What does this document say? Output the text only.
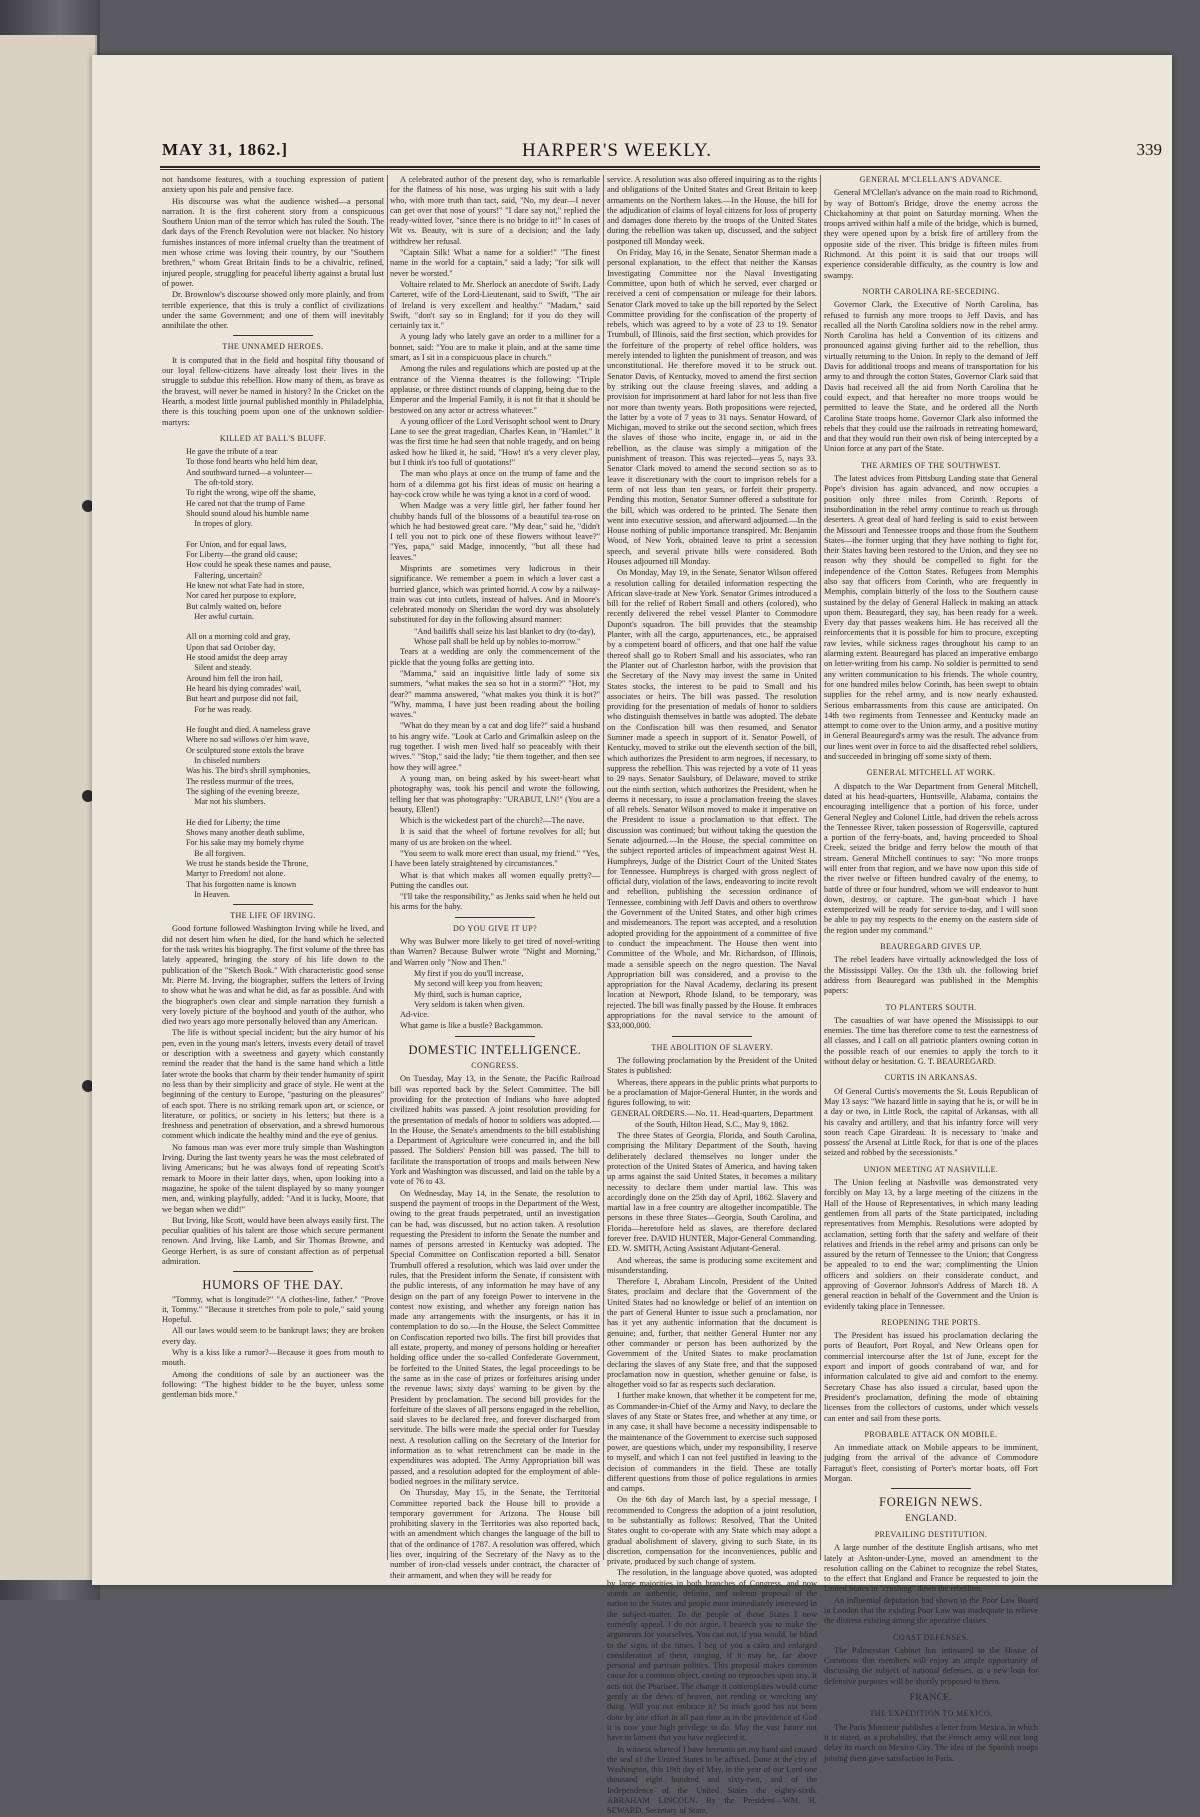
MAY 31, 1862.]	HARPER'S WEEKLY.	339

not handsome features, with a touching expression of patient anxiety upon his pale and pensive face.

His discourse was what the audience wished—a personal narration. It is the first coherent story from a conspicuous Southern Union man of the terror which has ruled the South. The dark days of the French Revolution were not blacker. No history furnishes instances of more infernal cruelty than the treatment of men whose crime was loving their country, by our "Southern brethren," whom Great Britain finds to be a chivalric, refined, injured people, struggling for peaceful liberty against a brutal lust of power.

Dr. Brownlow's discourse showed only more plainly, and from terrible experience, that this is truly a conflict of civilizations under the same Government; and one of them will inevitably annihilate the other.

THE UNNAMED HEROES.

It is computed that in the field and hospital fifty thousand of our loyal fellow-citizens have already lost their lives in the struggle to subdue this rebellion. How many of them, as brave as the bravest, will never be named in history? In the Cricket on the Hearth, a modest little journal published monthly in Philadelphia, there is this touching poem upon one of the unknown soldier-martyrs:

KILLED AT BALL'S BLUFF.
He gave the tribute of a tear
To those fond hearts who held him dear,
And southward turned—a volunteer—
The oft-told story.
To right the wrong, wipe off the shame,
He cared not that the trump of Fame
Should sound aloud his humble name
In tropes of glory.

For Union, and for equal laws,
For Liberty—the grand old cause;
How could he speak these names and pause,
Faltering, uncertain?
He knew not what Fate had in store,
Nor cared her purpose to explore,
But calmly waited on, before
Her awful curtain.

All on a morning cold and gray,
Upon that sad October day,
He stood amidst the deep array
Silent and steady.
Around him fell the iron hail,
He heard his dying comrades' wail,
But heart and purpose did not fail,
For he was ready.

He fought and died. A nameless grave
Where no sad willows o'er him wave,
Or sculptured stone extols the brave
In chiseled numbers
Was his. The bird's shrill symphonies,
The restless murmur of the trees,
The sighing of the evening breeze,
Mar not his slumbers.

He died for Liberty; the time
Shows many another death sublime,
For his sake may my homely rhyme
Be all forgiven.
We trust he stands beside the Throne,
Martyr to Freedom! not alone.
That his forgotten name is known
In Heaven.
THE LIFE OF IRVING.

Good fortune followed Washington Irving while he lived, and did not desert him when he died, for the hand which he selected for the task writes his biography. The first volume of the three has lately appeared, bringing the story of his life down to the publication of the "Sketch Book." With characteristic good sense Mr. Pierre M. Irving, the biographer, suffers the letters of Irving to show what he was and what he did, as far as possible. And with the biographer's own clear and simple narration they furnish a very lovely picture of the boyhood and youth of the author, who died two years ago more personally beloved than any American.

The life is without special incident; but the airy humor of his pen, even in the young man's letters, invests every detail of travel or description with a sweetness and gayety which constantly remind the reader that the hand is the same hand which a little later wrote the books that charm by their tender humanity of spirit no less than by their simplicity and grace of style. He went at the beginning of the century to Europe, "pasturing on the pleasures" of each spot. There is no striking remark upon art, or science, or literature, or politics, or society in his letters; but there is a freshness and penetration of observation, and a shrewd humorous comment which indicate the healthy mind and the eye of genius.

No famous man was ever more truly simple than Washington Irving. During the last twenty years he was the most celebrated of living Americans; but he was always fond of repeating Scott's remark to Moore in their latter days, when, upon looking into a magazine, he spoke of the talent displayed by so many younger men, and, winking playfully, added: "And it is lucky, Moore, that we began when we did!"

But Irving, like Scott, would have been always easily first. The peculiar qualities of his talent are those which secure permanent renown. And Irving, like Lamb, and Sir Thomas Browne, and George Herbert, is as sure of constant affection as of perpetual admiration.

HUMORS OF THE DAY.

"Tommy, what is longitude?" "A clothes-line, father." "Prove it, Tommy." "Because it stretches from pole to pole," said young Hopeful.

All our laws would seem to be bankrupt laws; they are broken every day.

Why is a kiss like a rumor?—Because it goes from mouth to mouth.

Among the conditions of sale by an auctioneer was the following: "The highest bidder to be the buyer, unless some gentleman bids more."

A celebrated author of the present day, who is remarkable for the flatness of his nose, was urging his suit with a lady who, with more truth than tact, said, "No, my dear—I never can get over that nose of yours!" "I dare say not," replied the ready-witted lover, "since there is no bridge to it!" In cases of Wit vs. Beauty, wit is sure of a decision; and the lady withdrew her refusal.

"Captain Silk! What a name for a soldier!" "The finest name in the world for a captain," said a lady; "for silk will never be worsted."

Voltaire related to Mr. Sherlock an anecdote of Swift. Lady Carteret, wife of the Lord-Lieutenant, said to Swift, "The air of Ireland is very excellent and healthy." "Madam," said Swift, "don't say so in England; for if you do they will certainly tax it."

A young lady who lately gave an order to a milliner for a bonnet, said: "You are to make it plain, and at the same time smart, as I sit in a conspicuous place in church."

Among the rules and regulations which are posted up at the entrance of the Vienna theatres is the following: "Triple applause, or three distinct rounds of clapping, being due to the Emperor and the Imperial Family, it is not fit that it should be bestowed on any actor or actress whatever."

A young officer of the Lord Verisopht school went to Drury Lane to see the great tragedian, Charles Kean, in "Hamlet." It was the first time he had seen that noble tragedy, and on being asked how he liked it, he said, "How! it's a very clever play, but I think it's too full of quotations!"

The man who plays at once on the trump of fame and the horn of a dilemma got his first ideas of music on hearing a hay-cock crow while he was tying a knot in a cord of wood.

When Madge was a very little girl, her father found her chubby hands full of the blossoms of a beautiful tea-rose on which he had bestowed great care. "My dear," said he, "didn't I tell you not to pick one of these flowers without leave?" "Yes, papa," said Madge, innocently, "but all these had leaves."

Misprints are sometimes very ludicrous in their significance. We remember a poem in which a lover cast a hurried glance, which was printed horrid. A cow by a railway-train was cut into cutlets, instead of halves. And in Moore's celebrated monody on Sheridan the word dry was absolutely substituted for day in the following absurd manner:

"And bailiffs shall seize his last blanket to dry (to-day),
Whose pall shall be held up by nobles to-morrow."

Tears at a wedding are only the commencement of the pickle that the young folks are getting into.

"Mamma," said an inquisitive little lady of some six summers, "what makes the sea so hot in a storm?" "Hot, my dear?" mamma answered, "what makes you think it is hot?" "Why, mamma, I have just been reading about the boiling waves."

"What do they mean by a cat and dog life?" said a husband to his angry wife. "Look at Carlo and Grimalkin asleep on the rug together. I wish men lived half so peaceably with their wives." "Stop," said the lady; "tie them together, and then see how they will agree."

A young man, on being asked by his sweet-heart what photography was, took his pencil and wrote the following, telling her that was photography: "URABUT, LN!" (You are a beauty, Ellen!)

Which is the wickedest part of the church?—The nave.

It is said that the wheel of fortune revolves for all; but many of us are broken on the wheel.

"You seem to walk more erect than usual, my friend." "Yes, I have been lately straightened by circumstances."

What is that which makes all women equally pretty?—Putting the candles out.

"I'll take the responsibility," as Jenks said when he held out his arms for the baby.

DO YOU GIVE IT UP?

Why was Bulwer more likely to get tired of novel-writing than Warren? Because Bulwer wrote "Night and Morning," and Warren only "Now and Then."

My first if you do you'll increase,
My second will keep you from heaven;
My third, such is human caprice,
Very seldom is taken when given.

Ad-vice.

What game is like a bustle? Backgammon.

DOMESTIC INTELLIGENCE.
CONGRESS.

On Tuesday, May 13, in the Senate, the Pacific Railroad bill was reported back by the Select Committee. The bill providing for the protection of Indians who have adopted civilized habits was passed. A joint resolution providing for the presentation of medals of honor to soldiers was adopted.—In the House, the Senate's amendments to the bill establishing a Department of Agriculture were concurred in, and the bill passed. The Soldiers' Pension bill was passed. The bill to facilitate the transportation of troops and mails between New York and Washington was discussed, and laid on the table by a vote of 76 to 43.

On Wednesday, May 14, in the Senate, the resolution to suspend the payment of troops in the Department of the West, owing to the great frauds perpetrated, until an investigation can be had, was discussed, but no action taken. A resolution requesting the President to inform the Senate the number and names of persons arrested in Kentucky was adopted. The Special Committee on Confiscation reported a bill. Senator Trumbull offered a resolution, which was laid over under the rules, that the President inform the Senate, if consistent with the public interests, of any information he may have of any design on the part of any foreign Power to intervene in the contest now existing, and whether any foreign nation has made any arrangements with the insurgents, or has it in contemplation to do so.—In the House, the Select Committee on Confiscation reported two bills. The first bill provides that all estate, property, and money of persons holding or hereafter holding office under the so-called Confederate Government, be forfeited to the United States, the legal proceedings to be the same as in the case of prizes or forfeitures arising under the revenue laws; sixty days' warning to be given by the President by proclamation. The second bill provides for the forfeiture of the slaves of all persons engaged in the rebellion, said slaves to be declared free, and forever discharged from servitude. The bills were made the special order for Tuesday next. A resolution calling on the Secretary of the Interior for information as to what retrenchment can be made in the expenditures was adopted. The Army Appropriation bill was passed, and a resolution adopted for the employment of able-bodied negroes in the military service.

On Thursday, May 15, in the Senate, the Territorial Committee reported back the House bill to provide a temporary government for Arizona. The House bill prohibiting slavery in the Territories was also reported back, with an amendment which changes the language of the bill to that of the ordinance of 1787. A resolution was offered, which lies over, inquiring of the Secretary of the Navy as to the number of iron-clad vessels under contract, the character of their armament, and when they will be ready for

service. A resolution was also offered inquiring as to the rights and obligations of the United States and Great Britain to keep armaments on the Northern lakes.—In the House, the bill for the adjudication of claims of loyal citizens for loss of property and damages done thereto by the troops of the United States during the rebellion was taken up, discussed, and the subject postponed till Monday week.

On Friday, May 16, in the Senate, Senator Sherman made a personal explanation, to the effect that neither the Kansas Investigating Committee nor the Naval Investigating Committee, upon both of which he served, ever charged or received a cent of compensation or mileage for their labors. Senator Clark moved to take up the bill reported by the Select Committee providing for the confiscation of the property of rebels, which was agreed to by a vote of 23 to 19. Senator Trumbull, of Illinois, said the first section, which provides for the forfeiture of the property of rebel office holders, was merely intended to lighten the punishment of treason, and was unconstitutional. He therefore moved it to be struck out. Senator Davis, of Kentucky, moved to amend the first section by striking out the clause freeing slaves, and adding a provision for imprisonment at hard labor for not less than five nor more than twenty years. Both propositions were rejected, the latter by a vote of 7 yeas to 31 nays. Senator Howard, of Michigan, moved to strike out the second section, which frees the slaves of those who incite, engage in, or aid in the rebellion, as the clause was simply a mitigation of the punishment of treason. This was rejected—yeas 5, nays 33. Senator Clark moved to amend the second section so as to leave it discretionary with the court to imprison rebels for a term of not less than ten years, or forfeit their property. Pending this motion, Senator Sumner offered a substitute for the bill, which was ordered to be printed. The Senate then went into executive session, and afterward adjourned.—In the House nothing of public importance transpired. Mr. Benjamin Wood, of New York, obtained leave to print a secession speech, and several private bills were considered. Both Houses adjourned till Monday.

On Monday, May 19, in the Senate, Senator Wilson offered a resolution calling for detailed information respecting the African slave-trade at New York. Senator Grimes introduced a bill for the relief of Robert Small and others (colored), who recently delivered the rebel vessel Planter to Commodore Dupont's squadron. The bill provides that the steamship Planter, with all the cargo, appurtenances, etc., be appraised by a competent board of officers, and that one half the value thereof shall go to Robert Small and his associates, who ran the Planter out of Charleston harbor, with the provision that the Secretary of the Navy may invest the same in United States stocks, the interest to be paid to Small and his associates or heirs. The bill was passed. The resolution providing for the presentation of medals of honor to soldiers who distinguish themselves in battle was adopted. The debate on the Confiscation bill was then resumed, and Senator Sumner made a speech in support of it. Senator Powell, of Kentucky, moved to strike out the eleventh section of the bill, which authorizes the President to arm negroes, if necessary, to suppress the rebellion. This was rejected by a vote of 11 yeas to 29 nays. Senator Saulsbury, of Delaware, moved to strike out the ninth section, which authorizes the President, when he deems it necessary, to issue a proclamation freeing the slaves of all rebels. Senator Wilson moved to make it imperative on the President to issue a proclamation to that effect. The discussion was continued; but without taking the question the Senate adjourned.—In the House, the special committee on the subject reported articles of impeachment against West H. Humphreys, Judge of the District Court of the United States for Tennessee. Humphreys is charged with gross neglect of official duty, violation of the laws, endeavoring to incite revolt and rebellion, publishing the secession ordinance of Tennessee, combining with Jeff Davis and others to overthrow the Government of the United States, and other high crimes and misdemeanors. The report was accepted, and a resolution adopted providing for the appointment of a committee of five to conduct the impeachment. The House then went into Committee of the Whole, and Mr. Richardson, of Illinois, made a sensible speech on the negro question. The Naval Appropriation bill was considered, and a proviso to the appropriation for the Naval Academy, declaring its present location at Newport, Rhode Island, to be temporary, was rejected. The bill was finally passed by the House. It embraces appropriations for the naval service to the amount of $33,000,000.

THE ABOLITION OF SLAVERY.

The following proclamation by the President of the United States is published:

Whereas, there appears in the public prints what purports to be a proclamation of Major-General Hunter, in the words and figures following, to wit:

GENERAL ORDERS.—No. 11. Head-quarters, Department of the South, Hilton Head, S.C., May 9, 1862.

The three States of Georgia, Florida, and South Carolina, comprising the Military Department of the South, having deliberately declared themselves no longer under the protection of the United States of America, and having taken up arms against the said United States, it becomes a military necessity to declare them under martial law. This was accordingly done on the 25th day of April, 1862. Slavery and martial law in a free country are altogether incompatible. The persons in these three States—Georgia, South Carolina, and Florida—heretofore held as slaves, are therefore declared forever free. DAVID HUNTER, Major-General Commanding. ED. W. SMITH, Acting Assistant Adjutant-General.

And whereas, the same is producing some excitement and misunderstanding.

Therefore I, Abraham Lincoln, President of the United States, proclaim and declare that the Government of the United States had no knowledge or belief of an intention on the part of General Hunter to issue such a proclamation, nor has it yet any authentic information that the document is genuine; and, further, that neither General Hunter nor any other commander or person has been authorized by the Government of the United States to make proclamation declaring the slaves of any State free, and that the supposed proclamation now in question, whether genuine or false, is altogether void so far as respects such declaration.

I further make known, that whether it be competent for me, as Commander-in-Chief of the Army and Navy, to declare the slaves of any State or States free, and whether at any time, or in any case, it shall have become a necessity indispensable to the maintenance of the Government to exercise such supposed power, are questions which, under my responsibility, I reserve to myself, and which I can not feel justified in leaving to the decision of commanders in the field. These are totally different questions from those of police regulations in armies and camps.

On the 6th day of March last, by a special message, I recommended to Congress the adoption of a joint resolution, to be substantially as follows: Resolved, That the United States ought to co-operate with any State which may adopt a gradual abolishment of slavery, giving to such State, in its discretion, compensation for the inconveniences, public and private, produced by such change of system.

The resolution, in the language above quoted, was adopted by large majorities in both branches of Congress, and now stands an authentic, definite, and solemn proposal of the nation to the States and people most immediately interested in the subject-matter. To the people of those States I now earnestly appeal. I do not argue. I beseech you to make the arguments for yourselves. You can not, if you would, be blind to the signs of the times. I beg of you a calm and enlarged consideration of them, ranging, if it may be, far above personal and partisan politics. This proposal makes common cause for a common object, casting no reproaches upon any. It acts not the Pharisee. The change it contemplates would come gently as the dews of heaven, not rending or wrecking any thing. Will you not embrace it? So much good has not been done by one effort in all past time as in the providence of God it is now your high privilege to do. May the vast future not have to lament that you have neglected it.

In witness whereof I have hereunto set my hand and caused the seal of the United States to be affixed. Done at the city of Washington, this 19th day of May, in the year of our Lord one thousand eight hundred and sixty-two, and of the Independence of the United States the eighty-sixth. ABRAHAM LINCOLN. By the President—WM. H. SEWARD, Secretary of State.

GENERAL M'CLELLAN'S ADVANCE.

General M'Clellan's advance on the main road to Richmond, by way of Bottom's Bridge, drove the enemy across the Chickahominy at that point on Saturday morning. When the troops arrived within half a mile of the bridge, which is burned, they were opened upon by a brisk fire of artillery from the opposite side of the river. This bridge is fifteen miles from Richmond. At this point it is said that our troops will experience considerable difficulty, as the country is low and swampy.

NORTH CAROLINA RE-SECEDING.

Governor Clark, the Executive of North Carolina, has refused to furnish any more troops to Jeff Davis, and has recalled all the North Carolina soldiers now in the rebel army. North Carolina has held a Convention of its citizens and pronounced against giving further aid to the rebellion, thus virtually returning to the Union. In reply to the demand of Jeff Davis for additional troops and means of transportation for his army to and through the cotton States, Governor Clark said that Davis had received all the aid from North Carolina that he could expect, and that hereafter no more troops would be permitted to leave the State, and he ordered all the North Carolina State troops home. Governor Clark also informed the rebels that they could use the railroads in retreating homeward, and that they would run their own risk of being intercepted by a Union force at any part of the State.

THE ARMIES OF THE SOUTHWEST.

The latest advices from Pittsburg Landing state that General Pope's division has again advanced, and now occupies a position only three miles from Corinth. Reports of insubordination in the rebel army continue to reach us through deserters. A great deal of hard feeling is said to exist between the Missouri and Tennessee troops and those from the Southern States—the former urging that they have nothing to fight for, their States having been restored to the Union, and they see no reason why they should be compelled to fight for the independence of the Cotton States. Refugees from Memphis also say that officers from Corinth, who are frequently in Memphis, complain bitterly of the loss to the Southern cause sustained by the delay of General Halleck in making an attack upon them. Beauregard, they say, has been ready for a week. Every day that passes weakens him. He has received all the reinforcements that it is possible for him to procure, excepting raw levies, while sickness rages throughout his camp to an alarming extent. Beauregard has placed an imperative embargo on letter-writing from his camp. No soldier is permitted to send any written communication to his friends. The whole country, for one hundred miles below Corinth, has been swept to obtain supplies for the rebel army, and is now nearly exhausted. Serious embarrassments from this cause are anticipated. On 14th two regiments from Tennessee and Kentucky made an attempt to come over to the Union army, and a positive mutiny in General Beauregard's army was the result. The advance from our lines went over in force to aid the disaffected rebel soldiers, and succeeded in bringing off some sixty of them.

GENERAL MITCHELL AT WORK.

A dispatch to the War Department from General Mitchell, dated at his head-quarters, Huntsville, Alabama, contains the encouraging intelligence that a portion of his force, under General Negley and Colonel Little, had driven the rebels across the Tennessee River, taken possession of Rogersville, captured a portion of the ferry-boats, and, having proceeded to Shoal Creek, seized the bridge and ferry below the mouth of that stream. General Mitchell continues to say: "No more troops will enter from that region, and we have now upon this side of the river twelve or fifteen hundred cavalry of the enemy, to battle of three or four hundred, whom we will endeavor to hunt down, destroy, or capture. The gun-boat which I have extemporized will be ready for service to-day, and I will soon be able to pay my respects to the enemy on the eastern side of the region under my command."

BEAUREGARD GIVES UP.

The rebel leaders have virtually acknowledged the loss of the Mississippi Valley. On the 13th ult. the following brief address from Beauregard was published in the Memphis papers:

TO PLANTERS SOUTH.

The casualties of war have opened the Mississippi to our enemies. The time has therefore come to test the earnestness of all classes, and I call on all patriotic planters owning cotton in the possible reach of our enemies to apply the torch to it without delay or hesitation. G. T. BEAUREGARD.

CURTIS IN ARKANSAS.

Of General Curtis's movements the St. Louis Republican of May 13 says: "We hazard little in saying that he is, or will be in a day or two, in Little Rock, the capital of Arkansas, with all his cavalry and artillery, and that his infantry force will very soon reach Cape Girardeau. It is necessary to 'make and possess' the Arsenal at Little Rock, for that is one of the places seized and robbed by the secessionists."

UNION MEETING AT NASHVILLE.

The Union feeling at Nashville was demonstrated very forcibly on May 13, by a large meeting of the citizens in the Hall of the House of Representatives, in which many leading gentlemen from all parts of the State participated, including representatives from Memphis. Resolutions were adopted by acclamation, setting forth that the safety and welfare of their relatives and friends in the rebel army and prisons can only be assured by the return of Tennessee to the Union; that Congress be appealed to to end the war; complimenting the Union officers and soldiers on their considerate conduct, and approving of Governor Johnson's Address of March 18. A general reaction in behalf of the Government and the Union is evidently taking place in Tennessee.

REOPENING THE PORTS.

The President has issued his proclamation declaring the ports of Beaufort, Port Royal, and New Orleans open for commercial intercourse after the 1st of June, except for the export and import of goods contraband of war, and for information calculated to give aid and comfort to the enemy. Secretary Chase has also issued a circular, based upon the President's proclamation, defining the mode of obtaining licenses from the collectors of customs, under which vessels can enter and sail from these ports.

PROBABLE ATTACK ON MOBILE.

An immediate attack on Mobile appears to be imminent, judging from the arrival of the advance of Commodore Farragut's fleet, consisting of Porter's mortar boats, off Fort Morgan.

FOREIGN NEWS.
ENGLAND.
PREVAILING DESTITUTION.

A large number of the destitute English artisans, who met lately at Ashton-under-Lyne, moved an amendment to the resolution calling on the Cabinet to recognize the rebel States, to the effect that England and France be requested to join the United States in "crushing" down the rebellion.

An influential deputation had shown to the Poor Law Board in London that the existing Poor Law was inadequate to relieve the distress existing among the operative classes.

COAST DEFENSES.

The Palmerston Cabinet has intimated to the House of Commons that members will enjoy an ample opportunity of discussing the subject of national defenses, as a new loan for defensive purposes will be shortly proposed to them.

FRANCE.
THE EXPEDITION TO MEXICO.

The Paris Moniteur publishes a letter from Mexico, in which it is stated, as a probability, that the French army will not long delay its march on Mexico City. The idea of the Spanish troops joining them gave satisfaction in Paris.
